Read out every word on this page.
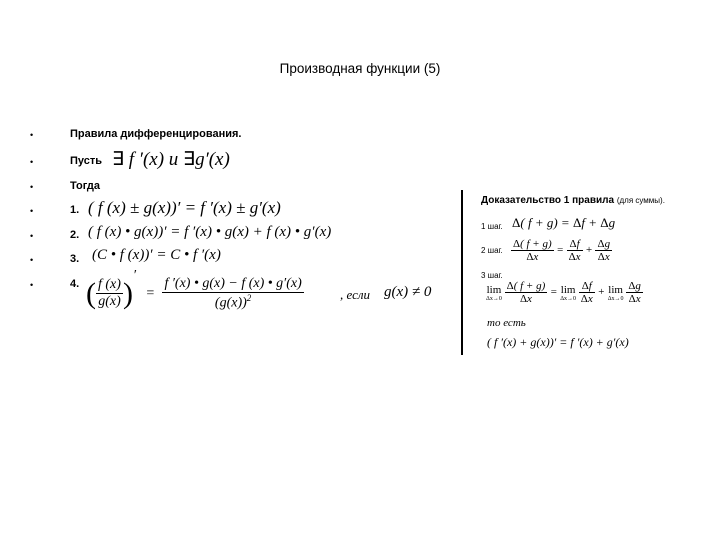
Производная функции (5)
•
•
•
•
•
•
•
Правила дифференцирования.
Пусть ∃ f ′(x) и ∃g′(x)
Тогда
1. ( f (x) ± g(x))′ = f ′(x) ± g′(x)
2. ( f (x) • g(x))′ = f ′(x) • g(x) + f (x) • g′(x)
3. (C • f (x))′ = C • f ′(x)
4. ( $\frac{f (x)}{g(x)}$ )′ = $\frac{f '(x) • g(x) - f (x) • g'(x)}{(g(x))^2}$	, если g(x) ≠ 0
Доказательство 1 правила (для суммы).
1 шаг. Δ( f + g) = Δf + Δg
2 шаг. $\frac{\Delta( f + g)}{\Delta x} = \frac{\Delta f}{\Delta x} + \frac{\Delta g}{\Delta x}$
3 шаг.
lim
Δx→0
$\frac{\Delta( f + g)}{\Delta x} = \lim$
Δx→0
$\frac{\Delta f}{\Delta x} + \lim$
Δx→0
$\frac{\Delta g}{\Delta x}$
то есть
( f ′(x) + g(x))′ = f ′(x) + g′(x)
